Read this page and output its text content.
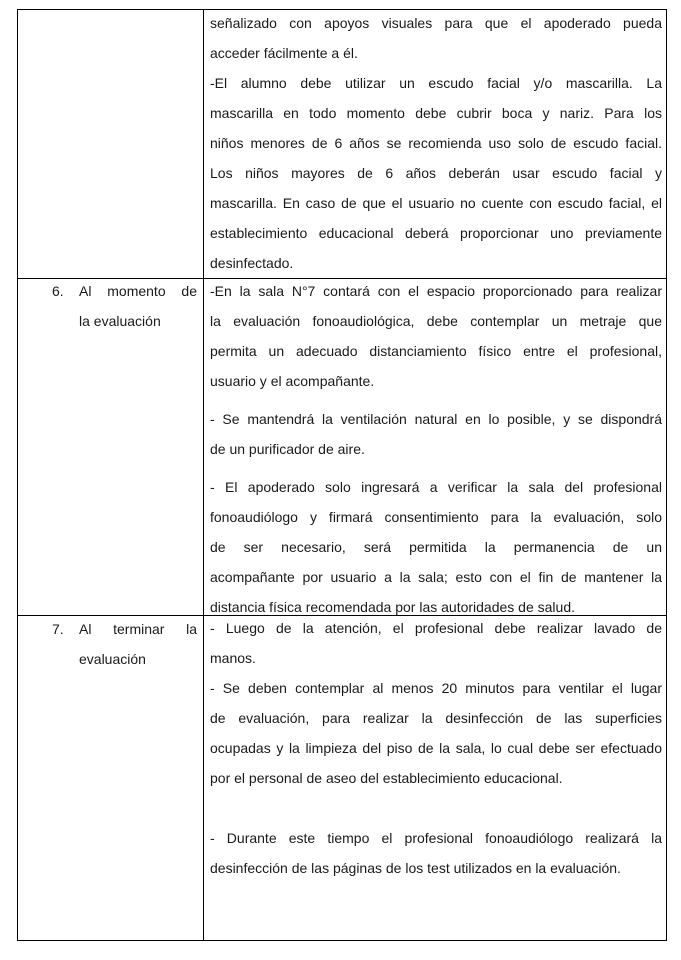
señalizado con apoyos visuales para que el apoderado pueda

acceder fácilmente a él.

-El alumno debe utilizar un escudo facial y/o mascarilla. La

mascarilla en todo momento debe cubrir boca y nariz. Para los

niños menores de 6 años se recomienda uso solo de escudo facial.

Los niños mayores de 6 años deberán usar escudo facial y

mascarilla. En caso de que el usuario no cuente con escudo facial, el

establecimiento educacional deberá proporcionar uno previamente

desinfectado.

6. Al momento de

la evaluación

-En la sala N°7 contará con el espacio proporcionado para realizar

la evaluación fonoaudiológica, debe contemplar un metraje que

permita un adecuado distanciamiento físico entre el profesional,

usuario y el acompañante.

- Se mantendrá la ventilación natural en lo posible, y se dispondrá

de un purificador de aire.

- El apoderado solo ingresará a verificar la sala del profesional

fonoaudiólogo y firmará consentimiento para la evaluación, solo

de ser necesario, será permitida la permanencia de un

acompañante por usuario a la sala; esto con el fin de mantener la

distancia física recomendada por las autoridades de salud.

7. Al terminar la

evaluación

- Luego de la atención, el profesional debe realizar lavado de

manos.

- Se deben contemplar al menos 20 minutos para ventilar el lugar

de evaluación, para realizar la desinfección de las superficies

ocupadas y la limpieza del piso de la sala, lo cual debe ser efectuado

por el personal de aseo del establecimiento educacional.

- Durante este tiempo el profesional fonoaudiólogo realizará la

desinfección de las páginas de los test utilizados en la evaluación.
